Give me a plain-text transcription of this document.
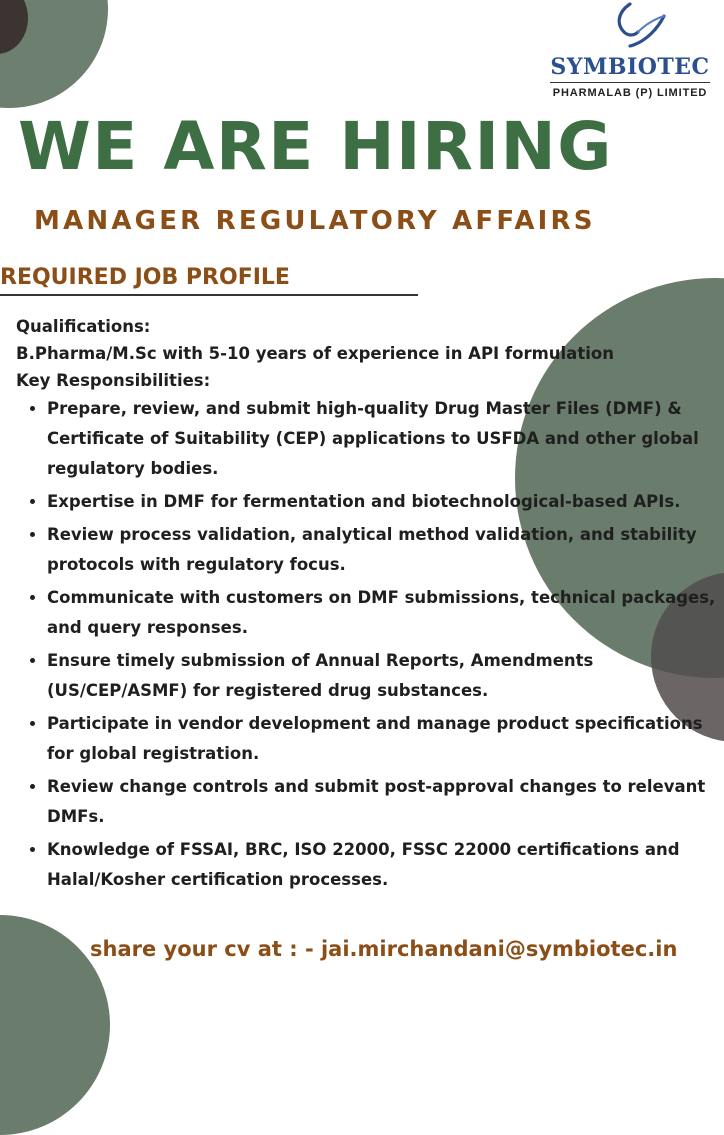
SYMBIOTEC
PHARMALAB (P) LIMITED
WE ARE HIRING
MANAGER REGULATORY AFFAIRS
REQUIRED JOB PROFILE

Qualifications:

B.Pharma/M.Sc with 5-10 years of experience in API formulation

Key Responsibilities:

• Prepare, review, and submit high-quality Drug Master Files (DMF) & Certificate of Suitability (CEP) applications to USFDA and other global regulatory bodies.
• Expertise in DMF for fermentation and biotechnological-based APIs.
• Review process validation, analytical method validation, and stability protocols with regulatory focus.
• Communicate with customers on DMF submissions, technical packages, and query responses.
• Ensure timely submission of Annual Reports, Amendments (US/CEP/ASMF) for registered drug substances.
• Participate in vendor development and manage product specifications for global registration.
• Review change controls and submit post-approval changes to relevant DMFs.
• Knowledge of FSSAI, BRC, ISO 22000, FSSC 22000 certifications and Halal/Kosher certification processes.

share your cv at : - jai.mirchandani@symbiotec.in
